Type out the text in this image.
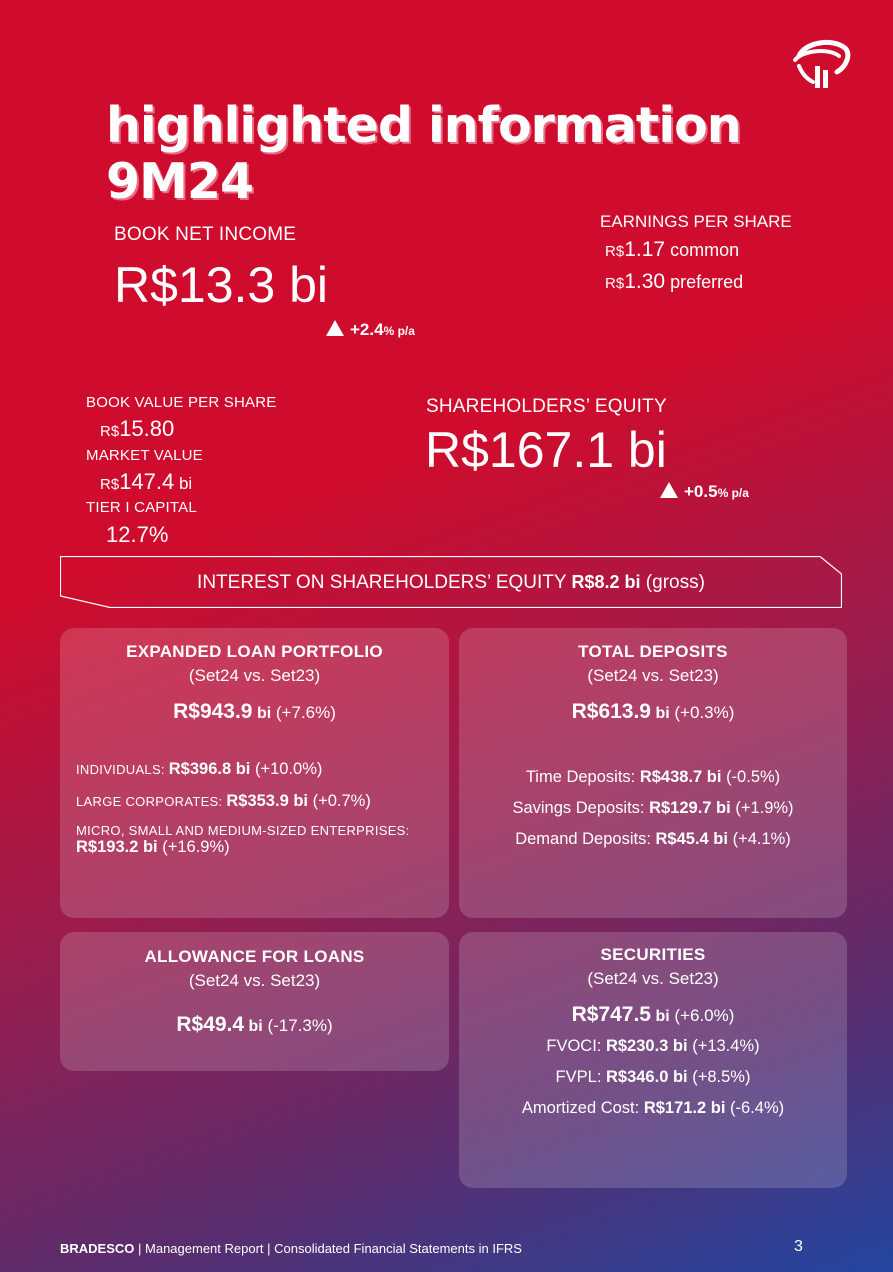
highlighted information
9M24
BOOK NET INCOME
R$13.3 bi
+2.4% p/a
EARNINGS PER SHARE
R$1.17 common
R$1.30 preferred
BOOK VALUE PER SHARE
R$15.80
MARKET VALUE
R$147.4 bi
TIER I CAPITAL
12.7%
SHAREHOLDERS’ EQUITY
R$167.1 bi
+0.5% p/a
INTEREST ON SHAREHOLDERS’ EQUITY R$8.2 bi (gross)
EXPANDED LOAN PORTFOLIO
(Set24 vs. Set23)
R$943.9 bi (+7.6%)
INDIVIDUALS: R$396.8 bi (+10.0%)
LARGE CORPORATES: R$353.9 bi (+0.7%)
MICRO, SMALL AND MEDIUM-SIZED ENTERPRISES:
R$193.2 bi (+16.9%)
TOTAL DEPOSITS
(Set24 vs. Set23)
R$613.9 bi (+0.3%)
Time Deposits: R$438.7 bi (-0.5%)
Savings Deposits: R$129.7 bi (+1.9%)
Demand Deposits: R$45.4 bi (+4.1%)
ALLOWANCE FOR LOANS
(Set24 vs. Set23)
R$49.4 bi (-17.3%)
SECURITIES
(Set24 vs. Set23)
R$747.5 bi (+6.0%)
FVOCI: R$230.3 bi (+13.4%)
FVPL: R$346.0 bi (+8.5%)
Amortized Cost: R$171.2 bi (-6.4%)
BRADESCO | Management Report | Consolidated Financial Statements in IFRS	3
